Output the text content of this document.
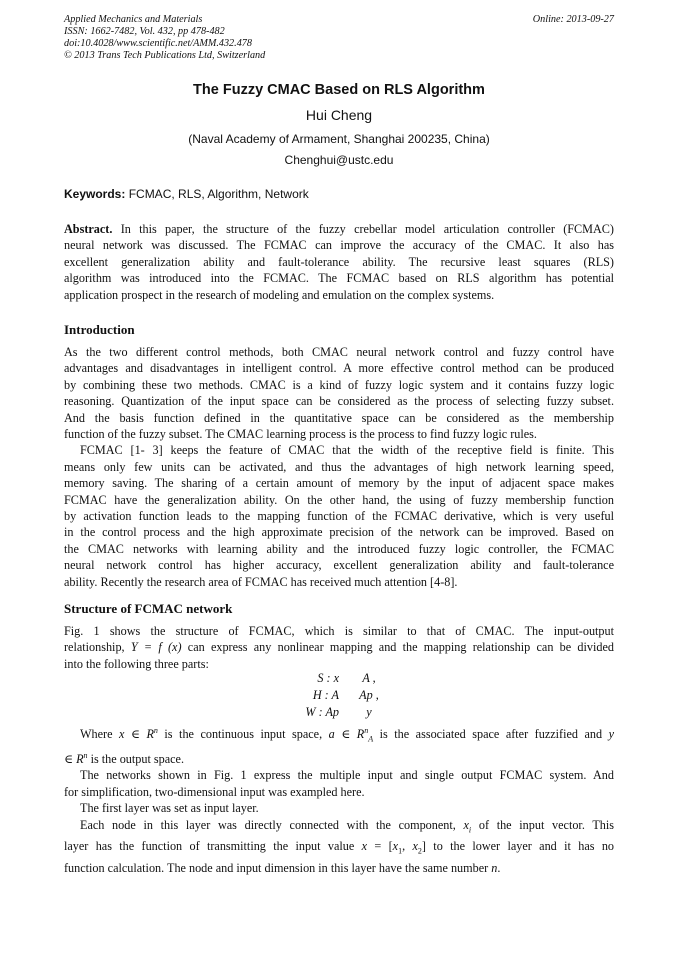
Applied Mechanics and Materials
ISSN: 1662-7482, Vol. 432, pp 478-482
doi:10.4028/www.scientific.net/AMM.432.478
© 2013 Trans Tech Publications Ltd, Switzerland
Online: 2013-09-27
The Fuzzy CMAC Based on RLS Algorithm
Hui Cheng
(Naval Academy of Armament, Shanghai 200235, China)
Chenghui@ustc.edu
Keywords: FCMAC, RLS, Algorithm, Network
Abstract. In this paper, the structure of the fuzzy crebellar model articulation controller (FCMAC)
neural network was discussed. The FCMAC can improve the accuracy of the CMAC. It also has
excellent generalization ability and fault-tolerance ability. The recursive least squares (RLS)
algorithm was introduced into the FCMAC. The FCMAC based on RLS algorithm has potential
application prospect in the research of modeling and emulation on the complex systems.
Introduction
As the two different control methods, both CMAC neural network control and fuzzy control have
advantages and disadvantages in intelligent control. A more effective control method can be produced
by combining these two methods. CMAC is a kind of fuzzy logic system and it contains fuzzy logic
reasoning. Quantization of the input space can be considered as the process of selecting fuzzy subset.
And the basis function defined in the quantitative space can be considered as the membership
function of the fuzzy subset. The CMAC learning process is the process to find fuzzy logic rules.
FCMAC [1- 3] keeps the feature of CMAC that the width of the receptive field is finite. This
means only few units can be activated, and thus the advantages of high network learning speed,
memory saving. The sharing of a certain amount of memory by the input of adjacent space makes
FCMAC have the generalization ability. On the other hand, the using of fuzzy membership function
by activation function leads to the mapping function of the FCMAC derivative, which is very useful
in the control process and the high approximate precision of the network can be improved. Based on
the CMAC networks with learning ability and the introduced fuzzy logic controller, the FCMAC
neural network control has higher accuracy, excellent generalization ability and fault-tolerance
ability. Recently the research area of FCMAC has received much attention [4-8].
Structure of FCMAC network
Fig. 1 shows the structure of FCMAC, which is similar to that of CMAC. The input-output
relationship, Y = f (x) can express any nonlinear mapping and the mapping relationship can be divided
into the following three parts:
S : x A ,
H : A Ap ,
W : Ap y
Where x ∈ $R^n$ is the continuous input space, a ∈ $R^n_A$ is the associated space after fuzzified and y
∈ $R^n$ is the output space.
The networks shown in Fig. 1 express the multiple input and single output FCMAC system. And
for simplification, two-dimensional input was exampled here.
The first layer was set as input layer.
Each node in this layer was directly connected with the component, $x_i$ of the input vector. This
layer has the function of transmitting the input value $x = [x_1$, $x_2$] to the lower layer and it has no
function calculation. The node and input dimension in this layer have the same number n.
